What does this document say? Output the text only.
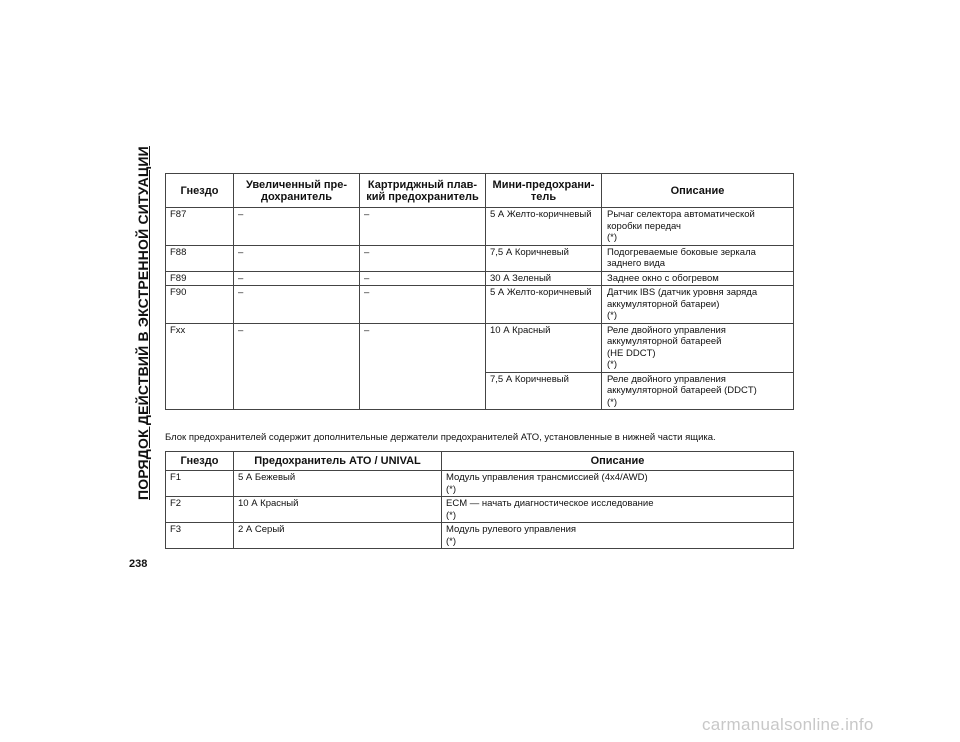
ПОРЯДОК ДЕЙСТВИЙ В ЭКСТРЕННОЙ СИТУАЦИИ
238
Гнездо	Увеличенный пре-дохранитель	Картриджный плав-кий предохранитель	Мини-предохрани-тель	Описание
F87	–	–	5 А Желто-коричневый	Рычаг селектора автоматической коробки передач
(*)
F88	–	–	7,5 А Коричневый	Подогреваемые боковые зеркала заднего вида
F89	–	–	30 А Зеленый	Заднее окно с обогревом
F90	–	–	5 А Желто-коричневый	Датчик IBS (датчик уровня заряда аккумуляторной батареи)
(*)
Fxx	–	–	10 А Красный	Реле двойного управления аккумуляторной батареей
(НЕ DDCT)
(*)
			7,5 А Коричневый	Реле двойного управления аккумуляторной батареей (DDCT)
(*)
Блок предохранителей содержит дополнительные держатели предохранителей АТО, установленные в нижней части ящика.
Гнездо	Предохранитель АТО / UNIVAL	Описание
F1	5 А Бежевый	Модуль управления трансмиссией (4x4/AWD)
(*)
F2	10 А Красный	ECM — начать диагностическое исследование
(*)
F3	2 А Серый	Модуль рулевого управления
(*)
carmanualsonline.info
